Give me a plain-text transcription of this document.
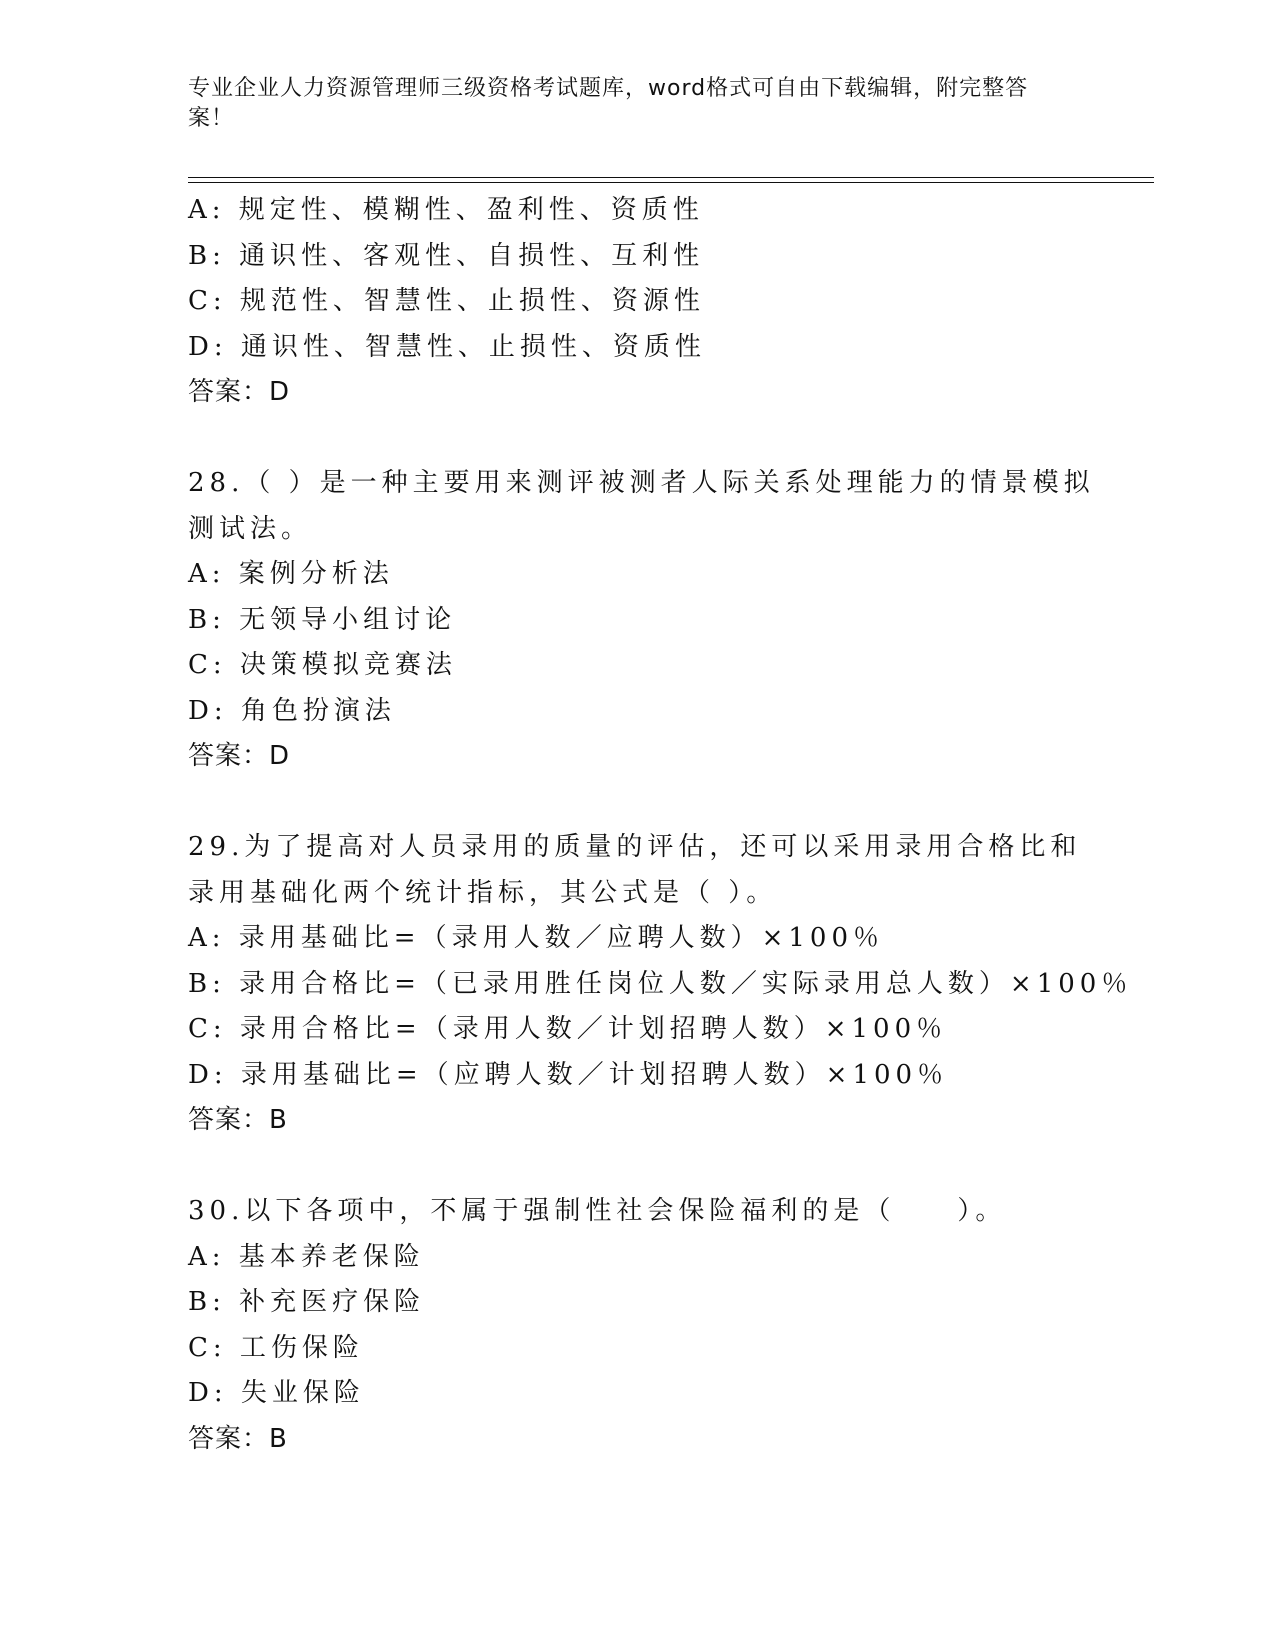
专业企业人力资源管理师三级资格考试题库，word格式可自由下载编辑，附完整答案！
A: 规定性、模糊性、盈利性、资质性
B: 通识性、客观性、自损性、互利性
C: 规范性、智慧性、止损性、资源性
D: 通识性、智慧性、止损性、资质性
答案：D
28.（ ）是一种主要用来测评被测者人际关系处理能力的情景模拟测试法。
A: 案例分析法
B: 无领导小组讨论
C: 决策模拟竞赛法
D: 角色扮演法
答案：D
29.为了提高对人员录用的质量的评估，还可以采用录用合格比和录用基础化两个统计指标，其公式是（ ）。
A: 录用基础比=（录用人数／应聘人数）×100％
B: 录用合格比=（已录用胜任岗位人数／实际录用总人数）×100％
C: 录用合格比=（录用人数／计划招聘人数）×100％
D: 录用基础比=（应聘人数／计划招聘人数）×100％
答案：B
30.以下各项中，不属于强制性社会保险福利的是（　　）。
A: 基本养老保险
B: 补充医疗保险
C: 工伤保险
D: 失业保险
答案：B
